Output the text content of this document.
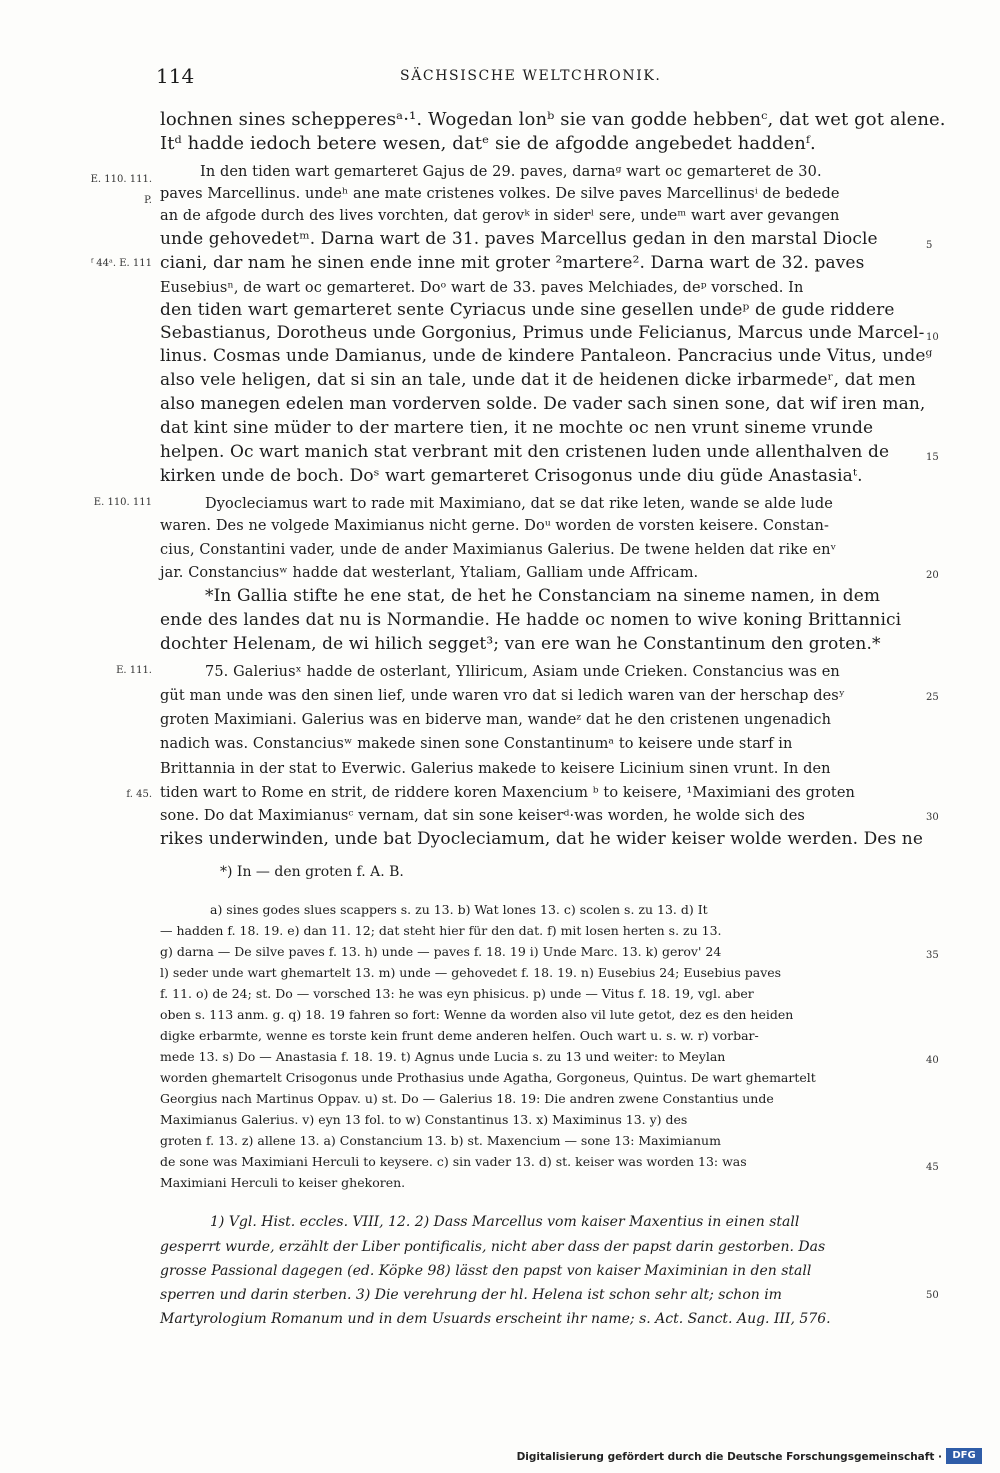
114	SÄCHSISCHE WELTCHRONIK.
E. 110. 111.
P.
ᶠ 44ᵃ. E. 111
E. 110. 111
E. 111.
f. 45.
5
10
15
20
25
30
35
40
45
50
lochnen sines schepperesᵃ·¹. Wogedan lonᵇ sie van godde hebbenᶜ, dat wet got alene.
Itᵈ hadde iedoch betere wesen, datᵉ sie de afgodde angebedet haddenᶠ.
In den tiden wart gemarteret Gajus de 29. paves, darnaᵍ wart oc gemarteret de 30.
paves Marcellinus. undeʰ ane mate cristenes volkes. De silve paves Marcellinusⁱ de bedede
an de afgode durch des lives vorchten, dat gerovᵏ in siderˡ sere, undeᵐ wart aver gevangen
unde gehovedetᵐ. Darna wart de 31. paves Marcellus gedan in den marstal Diocle
ciani, dar nam he sinen ende inne mit groter ²martere². Darna wart de 32. paves
Eusebiusⁿ, de wart oc gemarteret. Doᵒ wart de 33. paves Melchiades, deᵖ vorsched. In
den tiden wart gemarteret sente Cyriacus unde sine gesellen undeᵖ de gude riddere
Sebastianus, Dorotheus unde Gorgonius, Primus unde Felicianus, Marcus unde Marcel-
linus. Cosmas unde Damianus, unde de kindere Pantaleon. Pancracius unde Vitus, undeᵍ
also vele heligen, dat si sin an tale, unde dat it de heidenen dicke irbarmedeʳ, dat men
also manegen edelen man vorderven solde. De vader sach sinen sone, dat wif iren man,
dat kint sine müder to der martere tien, it ne mochte oc nen vrunt sineme vrunde
helpen. Oc wart manich stat verbrant mit den cristenen luden unde allenthalven de
kirken unde de boch. Doˢ wart gemarteret Crisogonus unde diu güde Anastasiaᵗ.
Dyocleciamus wart to rade mit Maximiano, dat se dat rike leten, wande se alde lude
waren. Des ne volgede Maximianus nicht gerne. Doᵘ worden de vorsten keisere. Constan-
cius, Constantini vader, unde de ander Maximianus Galerius. De twene helden dat rike enᵛ
jar. Constanciusʷ hadde dat westerlant, Ytaliam, Galliam unde Affricam.
*In Gallia stifte he ene stat, de het he Constanciam na sineme namen, in dem
ende des landes dat nu is Normandie. He hadde oc nomen to wive koning Brittannici
dochter Helenam, de wi hilich segget³; van ere wan he Constantinum den groten.*
75. Galeriusˣ hadde de osterlant, Ylliricum, Asiam unde Crieken. Constancius was en
güt man unde was den sinen lief, unde waren vro dat si ledich waren van der herschap desʸ
groten Maximiani. Galerius was en biderve man, wandeᶻ dat he den cristenen ungenadich
nadich was. Constanciusʷ makede sinen sone Constantinumᵃ to keisere unde starf in
Brittannia in der stat to Everwic. Galerius makede to keisere Licinium sinen vrunt. In den
tiden wart to Rome en strit, de riddere koren Maxencium ᵇ to keisere, ¹Maximiani des groten
sone. Do dat Maximianusᶜ vernam, dat sin sone keiserᵈ·was worden, he wolde sich des
rikes underwinden, unde bat Dyocleciamum, dat he wider keiser wolde werden. Des ne
*) In — den groten f. A. B.
a) sines godes slues scappers s. zu 13. b) Wat lones 13. c) scolen s. zu 13. d) It
— hadden f. 18. 19. e) dan 11. 12; dat steht hier für den dat. f) mit losen herten s. zu 13.
g) darna — De silve paves f. 13. h) unde — paves f. 18. 19 i) Unde Marc. 13. k) gerov' 24
l) seder unde wart ghemartelt 13. m) unde — gehovedet f. 18. 19. n) Eusebius 24; Eusebius paves
f. 11. o) de 24; st. Do — vorsched 13: he was eyn phisicus. p) unde — Vitus f. 18. 19, vgl. aber
oben s. 113 anm. g. q) 18. 19 fahren so fort: Wenne da worden also vil lute getot, dez es den heiden
digke erbarmte, wenne es torste kein frunt deme anderen helfen. Ouch wart u. s. w. r) vorbar-
mede 13. s) Do — Anastasia f. 18. 19. t) Agnus unde Lucia s. zu 13 und weiter: to Meylan
worden ghemartelt Crisogonus unde Prothasius unde Agatha, Gorgoneus, Quintus. De wart ghemartelt
Georgius nach Martinus Oppav. u) st. Do — Galerius 18. 19: Die andren zwene Constantius unde
Maximianus Galerius. v) eyn 13 fol. to w) Constantinus 13. x) Maximinus 13. y) des
groten f. 13. z) allene 13. a) Constancium 13. b) st. Maxencium — sone 13: Maximianum
de sone was Maximiani Herculi to keysere. c) sin vader 13. d) st. keiser was worden 13: was
Maximiani Herculi to keiser ghekoren.
1) Vgl. Hist. eccles. VIII, 12. 2) Dass Marcellus vom kaiser Maxentius in einen stall
gesperrt wurde, erzählt der Liber pontificalis, nicht aber dass der papst darin gestorben. Das
grosse Passional dagegen (ed. Köpke 98) lässt den papst von kaiser Maximinian in den stall
sperren und darin sterben. 3) Die verehrung der hl. Helena ist schon sehr alt; schon im
Martyrologium Romanum und in dem Usuards erscheint ihr name; s. Act. Sanct. Aug. III, 576.
Digitalisierung gefördert durch die Deutsche Forschungsgemeinschaft ·	DFG
